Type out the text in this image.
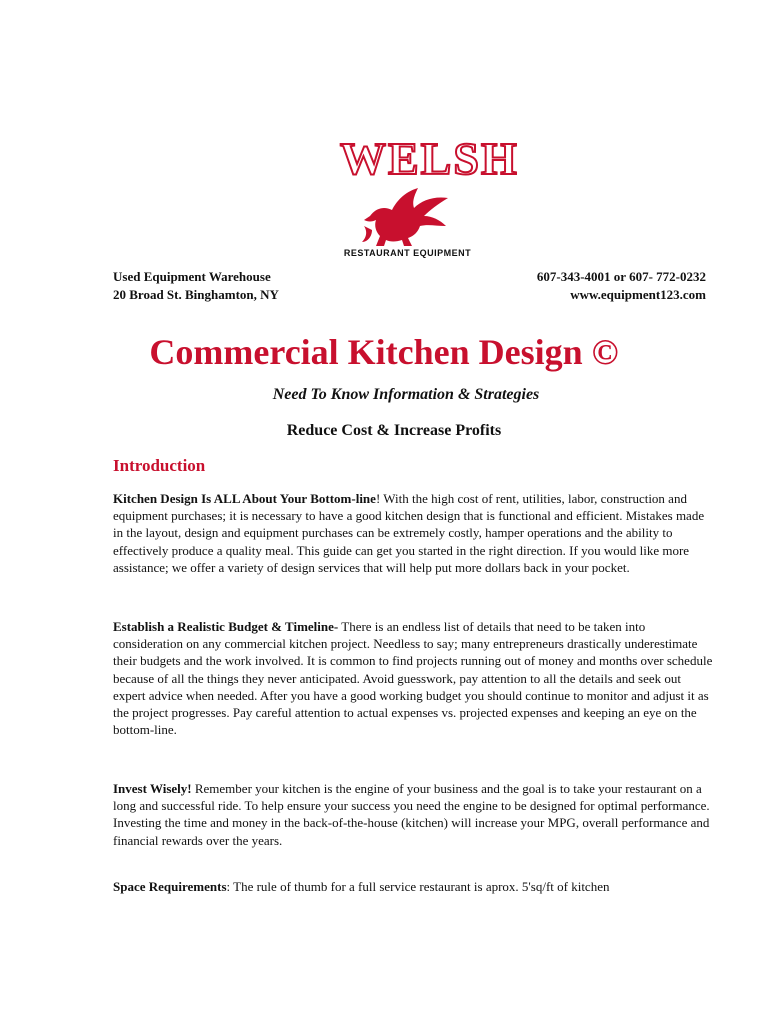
WELSH
RESTAURANT EQUIPMENT
Used Equipment Warehouse
20 Broad St. Binghamton, NY
607-343-4001 or 607- 772-0232
www.equipment123.com
Commercial Kitchen Design ©
Need To Know Information & Strategies
Reduce Cost & Increase Profits
Introduction

Kitchen Design Is ALL About Your Bottom-line! With the high cost of rent, utilities, labor, construction and equipment purchases; it is necessary to have a good kitchen design that is functional and efficient. Mistakes made in the layout, design and equipment purchases can be extremely costly, hamper operations and the ability to effectively produce a quality meal. This guide can get you started in the right direction. If you would like more assistance; we offer a variety of design services that will help put more dollars back in your pocket.

Establish a Realistic Budget & Timeline- There is an endless list of details that need to be taken into consideration on any commercial kitchen project. Needless to say; many entrepreneurs drastically underestimate their budgets and the work involved. It is common to find projects running out of money and months over schedule because of all the things they never anticipated. Avoid guesswork, pay attention to all the details and seek out expert advice when needed. After you have a good working budget you should continue to monitor and adjust it as the project progresses. Pay careful attention to actual expenses vs. projected expenses and keeping an eye on the bottom-line.

Invest Wisely! Remember your kitchen is the engine of your business and the goal is to take your restaurant on a long and successful ride. To help ensure your success you need the engine to be designed for optimal performance. Investing the time and money in the back-of-the-house (kitchen) will increase your MPG, overall performance and financial rewards over the years.

Space Requirements: The rule of thumb for a full service restaurant is aprox. 5'sq/ft of kitchen
